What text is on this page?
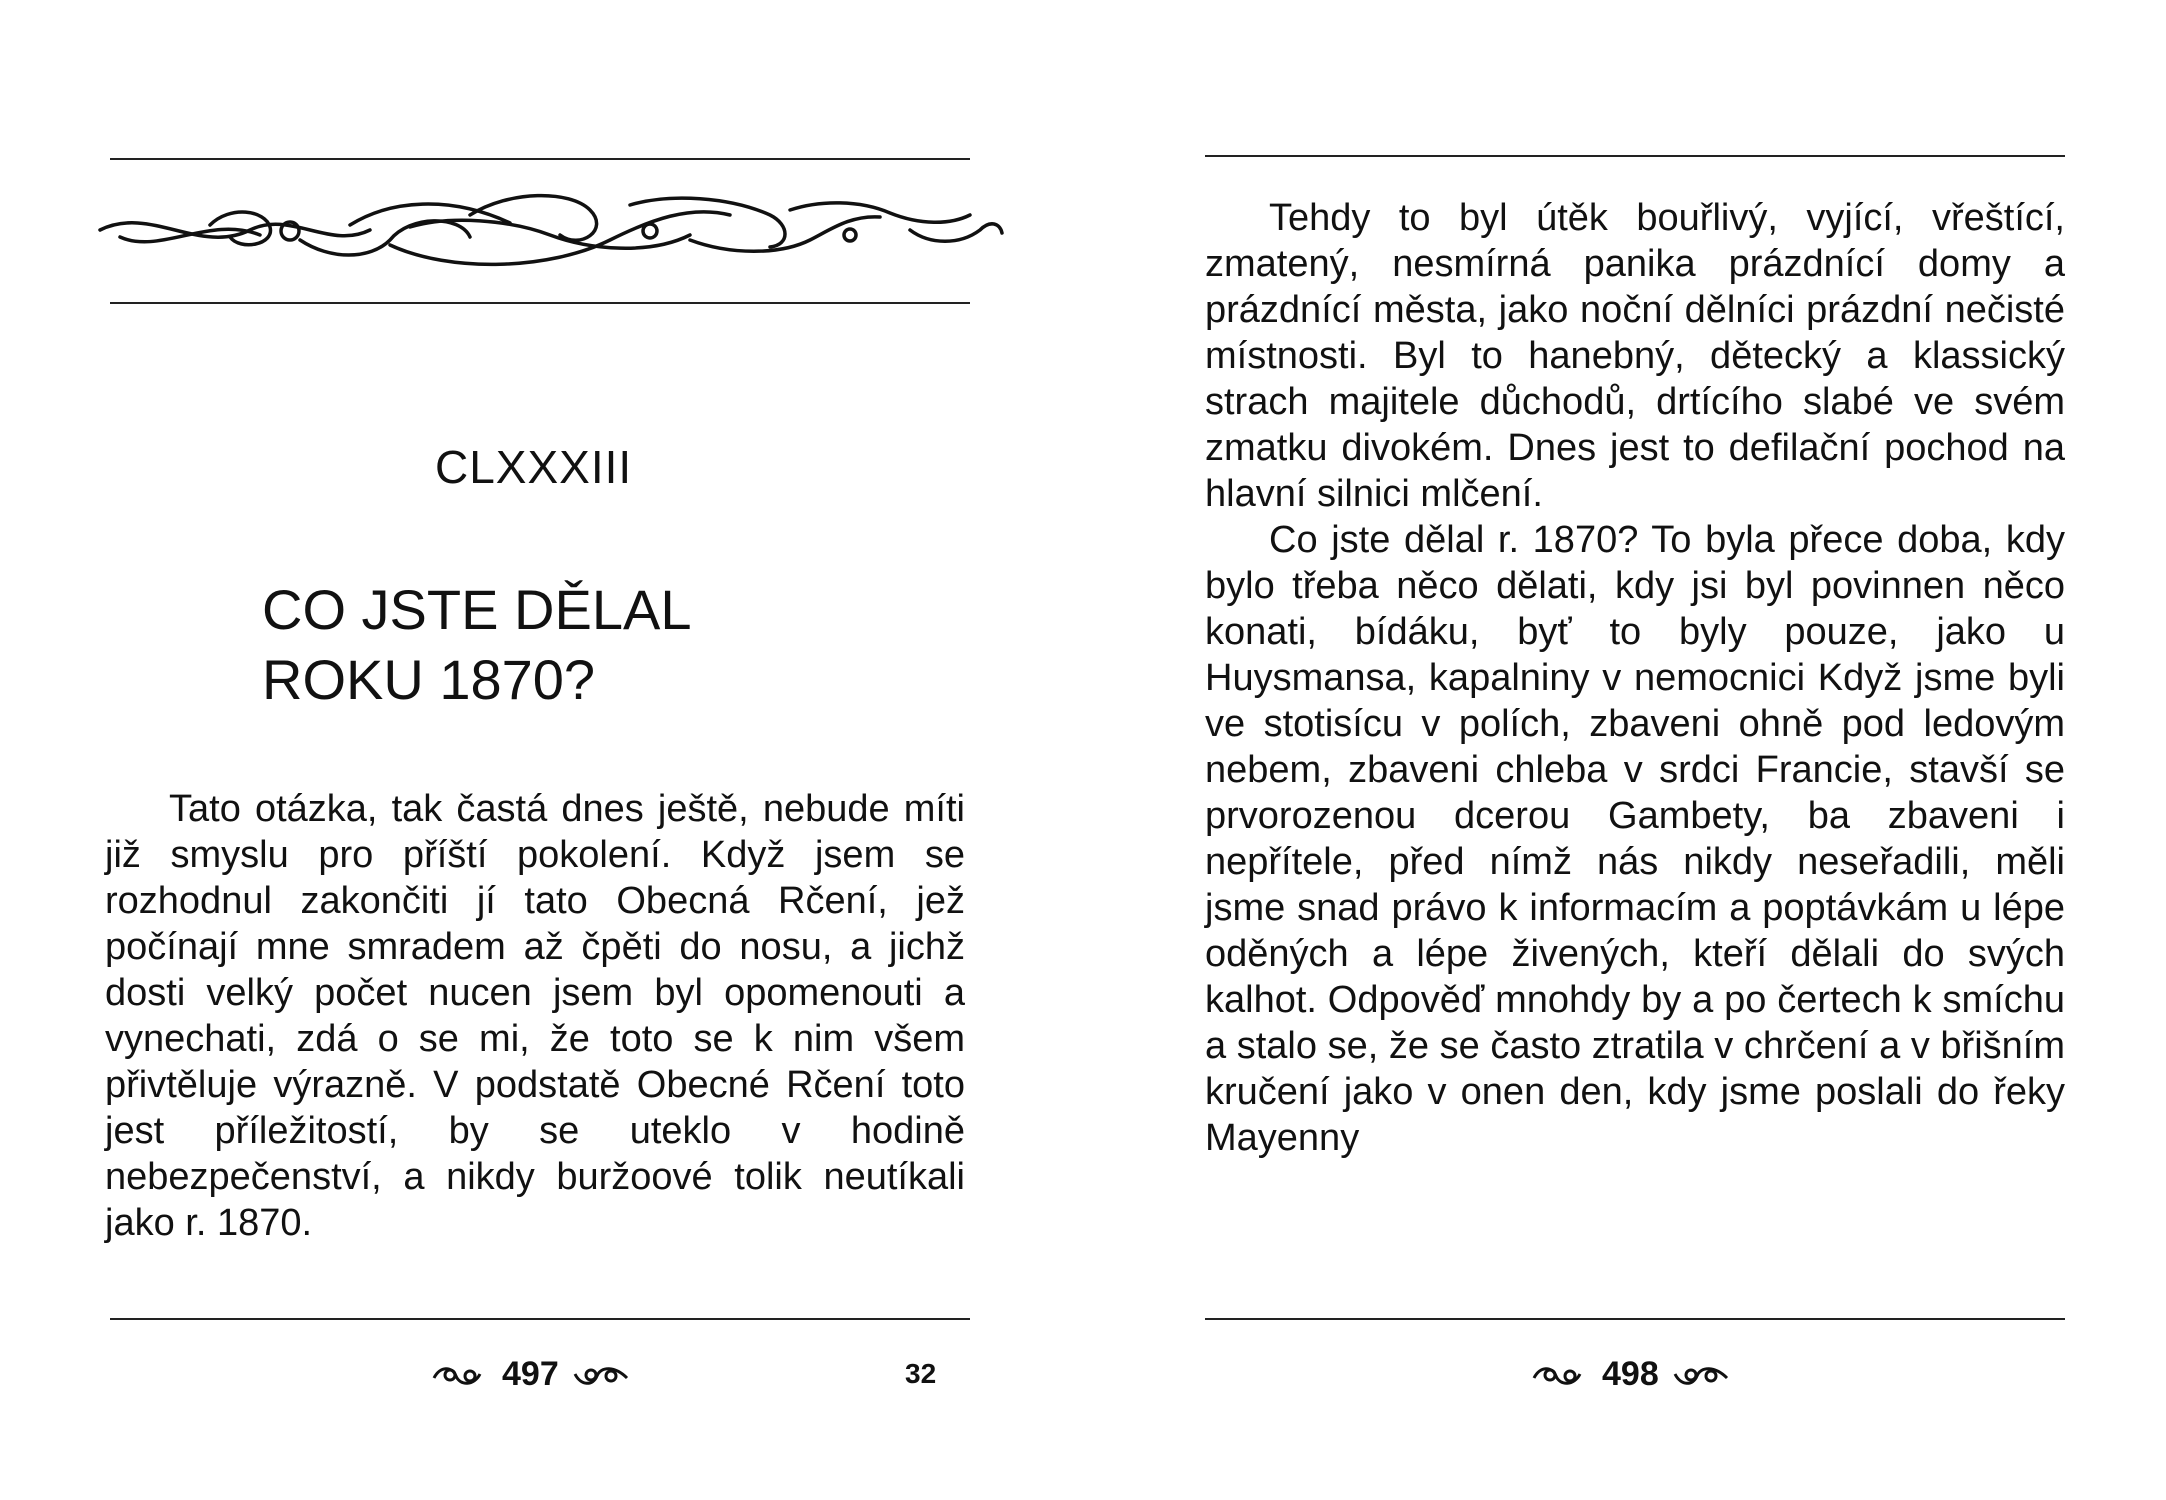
CLXXXIII
CO JSTE DĚLAL
ROKU 1870?
Tato otázka, tak častá dnes ještě, nebude míti již smyslu pro příští pokolení. Když jsem se rozhodnul zakončiti jí tato Obecná Rčení, jež počínají mne smradem až čpěti do nosu, a jichž dosti velký počet nucen jsem byl opomenouti a vynechati, zdá o se mi, že toto se k nim všem přivtěluje výrazně. V podstatě Obecné Rčení toto jest příležitostí, by se uteklo v hodině nebezpečenství, a nikdy buržoové tolik neutíkali jako r. 1870.
497	32
Tehdy to byl útěk bouřlivý, vyjící, vřeštící, zmatený, nesmírná panika prázdnící domy a prázdnící města, jako noční dělníci prázdní nečisté místnosti. Byl to hanebný, dětecký a klassický strach majitele důchodů, drtícího slabé ve svém zmatku divokém. Dnes jest to defilační pochod na hlavní silnici mlčení.
Co jste dělal r. 1870? To byla přece doba, kdy bylo třeba něco dělati, kdy jsi byl povinnen něco konati, bídáku, byť to byly pouze, jako u Huysmansa, kapalniny v nemocnici Když jsme byli ve stotisícu v polích, zbaveni ohně pod ledovým nebem, zbaveni chleba v srdci Francie, stavší se prvorozenou dcerou Gambety, ba zbaveni i nepřítele, před nímž nás nikdy neseřadili, měli jsme snad právo k informacím a poptávkám u lépe oděných a lépe živených, kteří dělali do svých kalhot. Odpověď mnohdy by a po čertech k smíchu a stalo se, že se často ztratila v chrčení a v břišním kručení jako v onen den, kdy jsme poslali do řeky Mayenny
498
